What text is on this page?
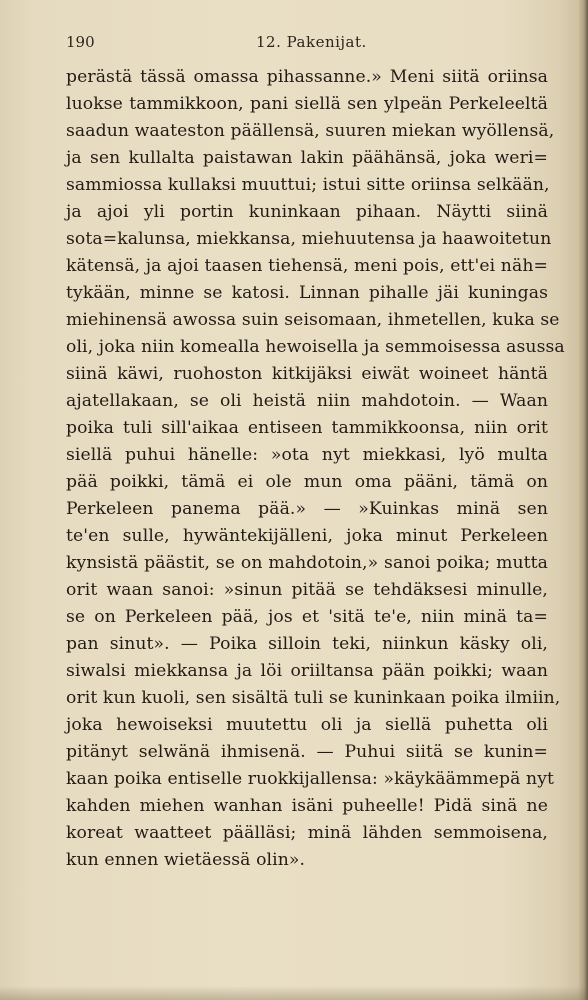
190	12. Pakenijat.
perästä tässä omassa pihassanne.» Meni siitä oriinsa
luokse tammikkoon, pani siellä sen ylpeän Perkeleeltä
saadun waateston päällensä, suuren miekan wyöllensä,
ja sen kullalta paistawan lakin päähänsä, joka weri=
sammiossa kullaksi muuttui; istui sitte oriinsa selkään,
ja ajoi yli portin kuninkaan pihaan. Näytti siinä
sota=kalunsa, miekkansa, miehuutensa ja haawoitetun
kätensä, ja ajoi taasen tiehensä, meni pois, ett'ei näh=
tykään, minne se katosi. Linnan pihalle jäi kuningas
miehinensä awossa suin seisomaan, ihmetellen, kuka se
oli, joka niin komealla hewoisella ja semmoisessa asussa
siinä käwi, ruohoston kitkijäksi eiwät woineet häntä
ajatellakaan, se oli heistä niin mahdotoin. — Waan
poika tuli sill'aikaa entiseen tammikkoonsa, niin orit
siellä puhui hänelle: »ota nyt miekkasi, lyö multa
pää poikki, tämä ei ole mun oma pääni, tämä on
Perkeleen panema pää.» — »Kuinkas minä sen
te'en sulle, hywäntekijälleni, joka minut Perkeleen
kynsistä päästit, se on mahdotoin,» sanoi poika; mutta
orit waan sanoi: »sinun pitää se tehdäksesi minulle,
se on Perkeleen pää, jos et 'sitä te'e, niin minä ta=
pan sinut». — Poika silloin teki, niinkun käsky oli,
siwalsi miekkansa ja löi oriiltansa pään poikki; waan
orit kun kuoli, sen sisältä tuli se kuninkaan poika ilmiin,
joka hewoiseksi muutettu oli ja siellä puhetta oli
pitänyt selwänä ihmisenä. — Puhui siitä se kunin=
kaan poika entiselle ruokkijallensa: »käykäämmepä nyt
kahden miehen wanhan isäni puheelle! Pidä sinä ne
koreat waatteet päälläsi; minä lähden semmoisena,
kun ennen wietäessä olin».
